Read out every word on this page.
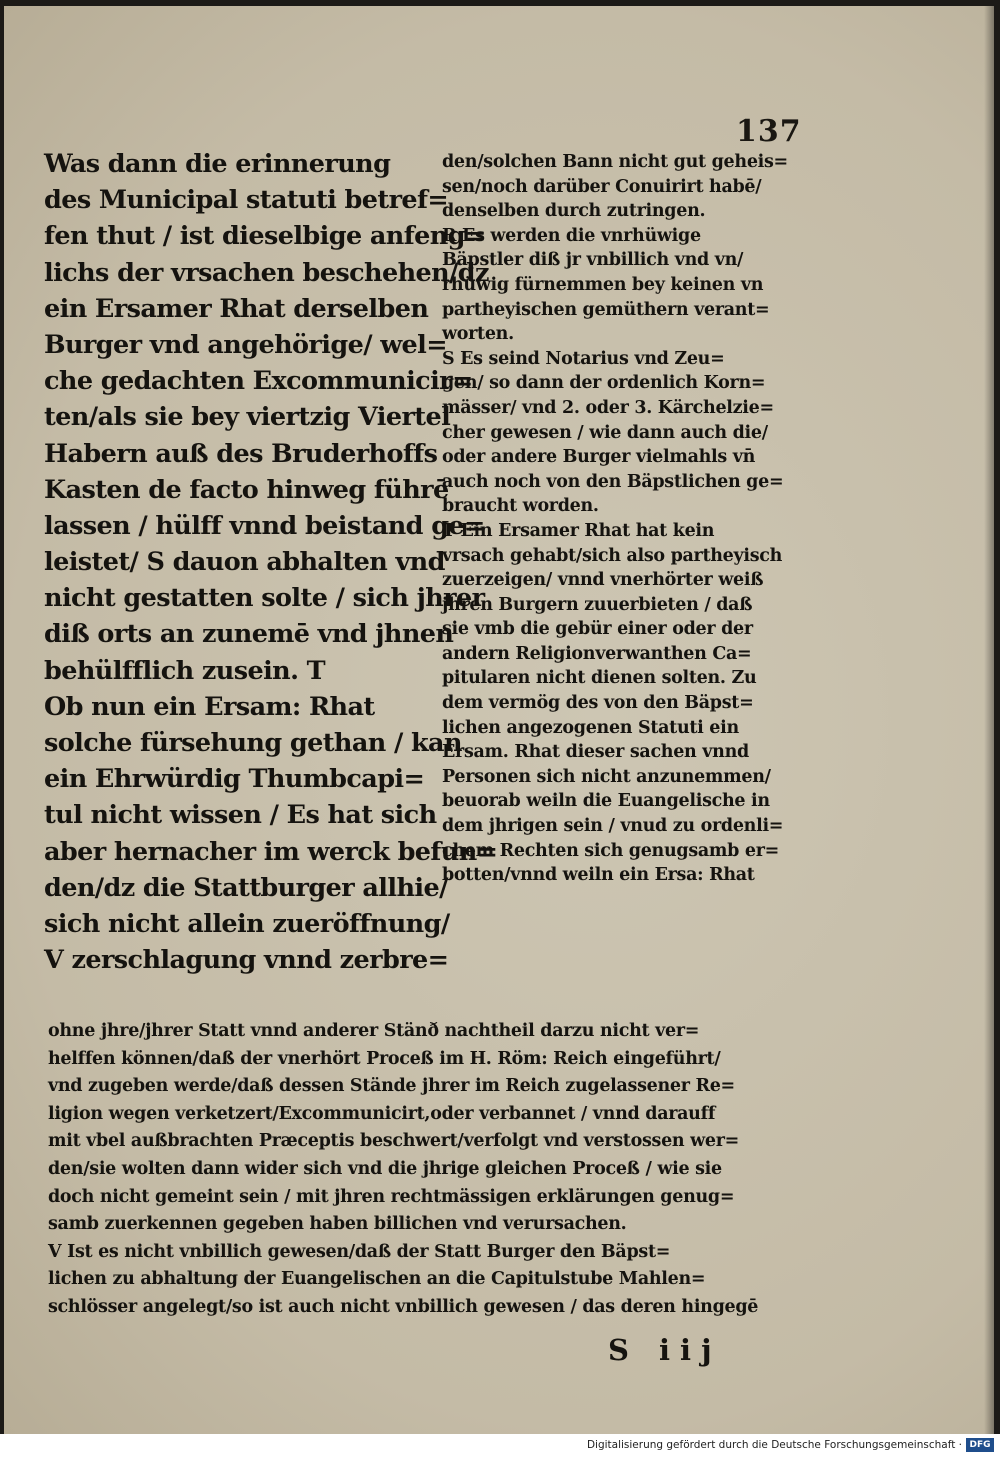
137
Was dann die erinnerung
des Municipal statuti betref=
fen thut / ist dieselbige anfeng=
lichs der vrsachen beschehen/dz
ein Ersamer Rhat derselben
Burger vnd angehörige/ wel=
che gedachten Excommunicir=
ten/als sie bey viertzig Viertel
Habern auß des Bruderhoffs
Kasten de facto hinweg führē
lassen / hülff vnnd beistand ge=
leistet/ S dauon abhalten vnd
nicht gestatten solte / sich jhrer
diß orts an zunemē vnd jhnen
behülfflich zusein. T
Ob nun ein Ersam: Rhat
solche fürsehung gethan / kan
ein Ehrwürdig Thumbcapi=
tul nicht wissen / Es hat sich
aber hernacher im werck befun=
den/dz die Stattburger allhie/
sich nicht allein zueröffnung/
V zerschlagung vnnd zerbre=
den/solchen Bann nicht gut geheis=
sen/noch darüber Conuirirt habē/
denselben durch zutringen.
R Es werden die vnrhüwige
Bäpstler diß jr vnbillich vnd vn/
rhüwig fürnemmen bey keinen vn
partheyischen gemüthern verant=
worten.
S Es seind Notarius vnd Zeu=
gen/ so dann der ordenlich Korn=
mässer/ vnd 2. oder 3. Kärchelzie=
cher gewesen / wie dann auch die/
oder andere Burger vielmahls vn̄
auch noch von den Bäpstlichen ge=
braucht worden.
T Ein Ersamer Rhat hat kein
vrsach gehabt/sich also partheyisch
zuerzeigen/ vnnd vnerhörter weiß
jhren Burgern zuuerbieten / daß
sie vmb die gebür einer oder der
andern Religionverwanthen Ca=
pitularen nicht dienen solten. Zu
dem vermög des von den Bäpst=
lichen angezogenen Statuti ein
Ersam. Rhat dieser sachen vnnd
Personen sich nicht anzunemmen/
beuorab weiln die Euangelische in
dem jhrigen sein / vnud zu ordenli=
chem Rechten sich genugsamb er=
botten/vnnd weiln ein Ersa: Rhat
ohne jhre/jhrer Statt vnnd anderer Stänð nachtheil darzu nicht ver=
helffen können/daß der vnerhört Proceß im H. Röm: Reich eingeführt/
vnd zugeben werde/daß dessen Stände jhrer im Reich zugelassener Re=
ligion wegen verketzert/Excommunicirt,oder verbannet / vnnd darauff
mit vbel außbrachten Præceptis beschwert/verfolgt vnd verstossen wer=
den/sie wolten dann wider sich vnd die jhrige gleichen Proceß / wie sie
doch nicht gemeint sein / mit jhren rechtmässigen erklärungen genug=
samb zuerkennen gegeben haben billichen vnd verursachen.
V Ist es nicht vnbillich gewesen/daß der Statt Burger den Bäpst=
lichen zu abhaltung der Euangelischen an die Capitulstube Mahlen=
schlösser angelegt/so ist auch nicht vnbillich gewesen / das deren hingegē
S iij
Digitalisierung gefördert durch die Deutsche Forschungsgemeinschaft · DFG
